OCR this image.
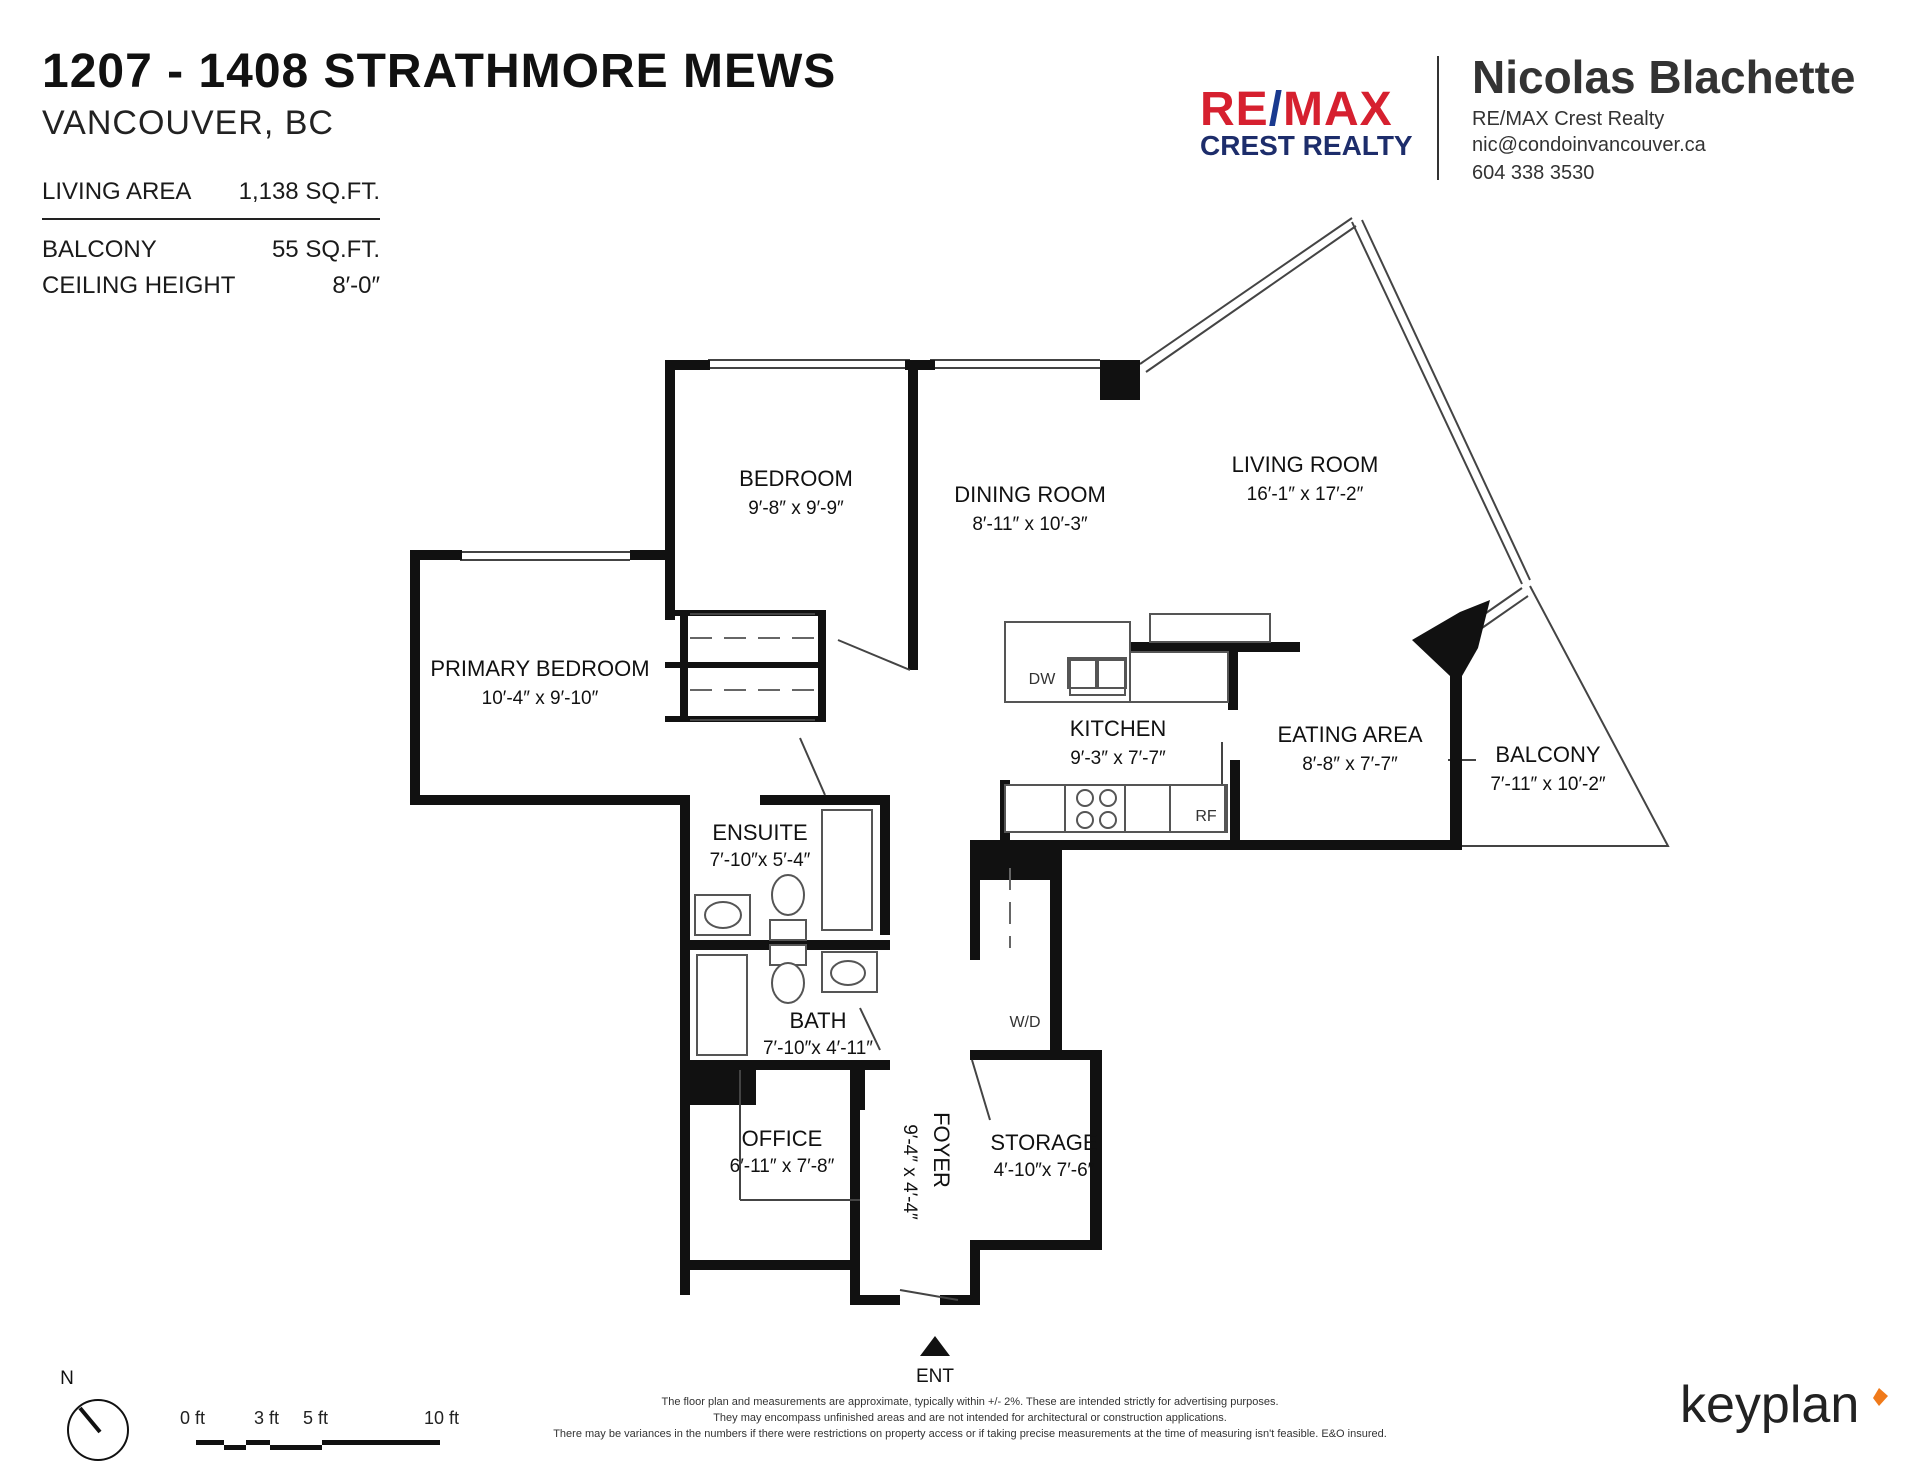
1207 - 1408 STRATHMORE MEWS
VANCOUVER, BC
LIVING AREA 1,138 SQ.FT.
BALCONY	55 SQ.FT.
CEILING HEIGHT	8′-0″
RE/MAX
CREST REALTY
Nicolas Blachette
RE/MAX Crest Realty
nic@condoinvancouver.ca
604 338 3530
BEDROOM
9′-8″ x 9′-9″
DINING ROOM
8′-11″ x 10′-3″
LIVING ROOM
16′-1″ x 17′-2″
PRIMARY BEDROOM
10′-4″ x 9′-10″
KITCHEN
9′-3″ x 7′-7″
EATING AREA
8′-8″ x 7′-7″	BALCONY
7′-11″ x 10′-2″
ENSUITE
7′-10″x 5′-4″
BATH
7′-10″x 4′-11″
OFFICE
6′-11″ x 7′-8″	FOYER
9′-4″ x 4′-4″	STORAGE
4′-10″x 7′-6″
DW
RF
W/D
ENT
N
0 ft	3 ft 5 ft	10 ft
The floor plan and measurements are approximate, typically within +/- 2%. These are intended strictly for advertising purposes.
They may encompass unfinished areas and are not intended for architectural or construction applications.
There may be variances in the numbers if there were restrictions on property access or if taking precise measurements at the time of measuring isn't feasible. E&O insured.	keyplan
